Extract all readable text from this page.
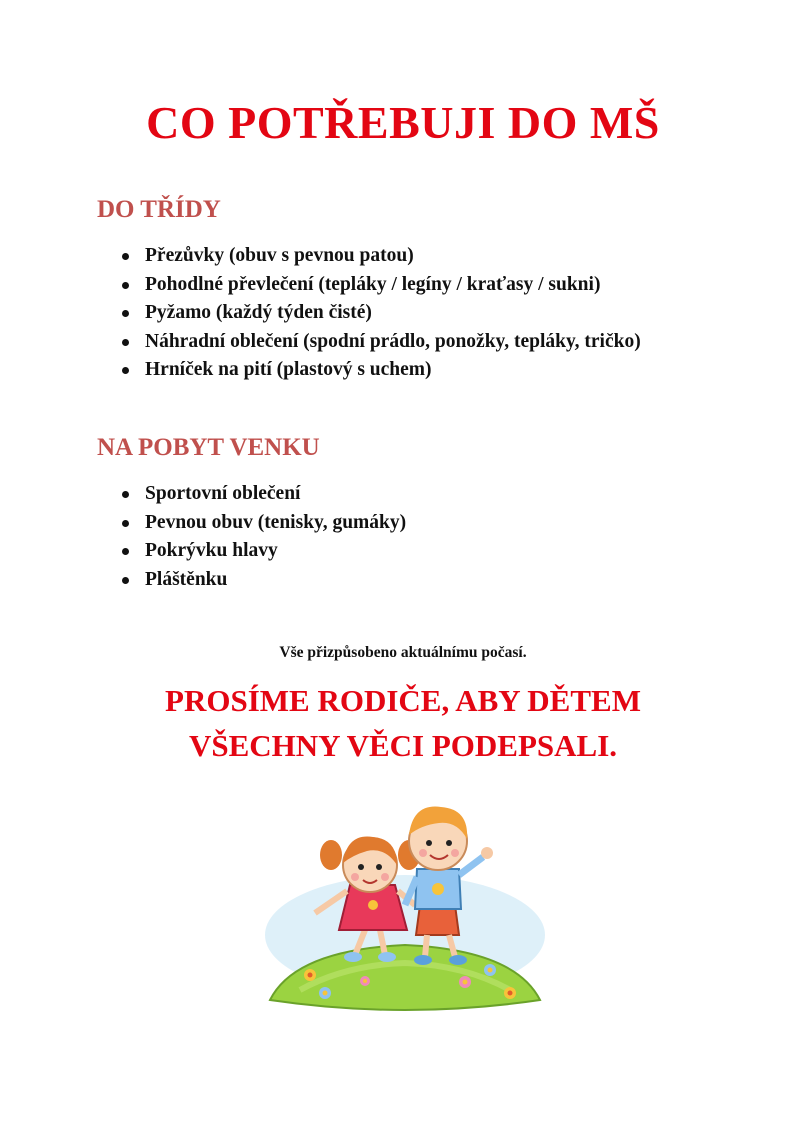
CO POTŘEBUJI DO MŠ
DO TŘÍDY
Přezůvky (obuv s pevnou patou)
Pohodlné převlečení (tepláky / legíny / kraťasy / sukni)
Pyžamo (každý týden čisté)
Náhradní oblečení (spodní prádlo, ponožky, tepláky, tričko)
Hrníček na pití (plastový s uchem)
NA POBYT VENKU
Sportovní oblečení
Pevnou obuv (tenisky, gumáky)
Pokrývku hlavy
Pláštěnku

Vše přizpůsobeno aktuálnímu počasí.

PROSÍME RODIČE, ABY DĚTEM
VŠECHNY VĚCI PODEPSALI.
